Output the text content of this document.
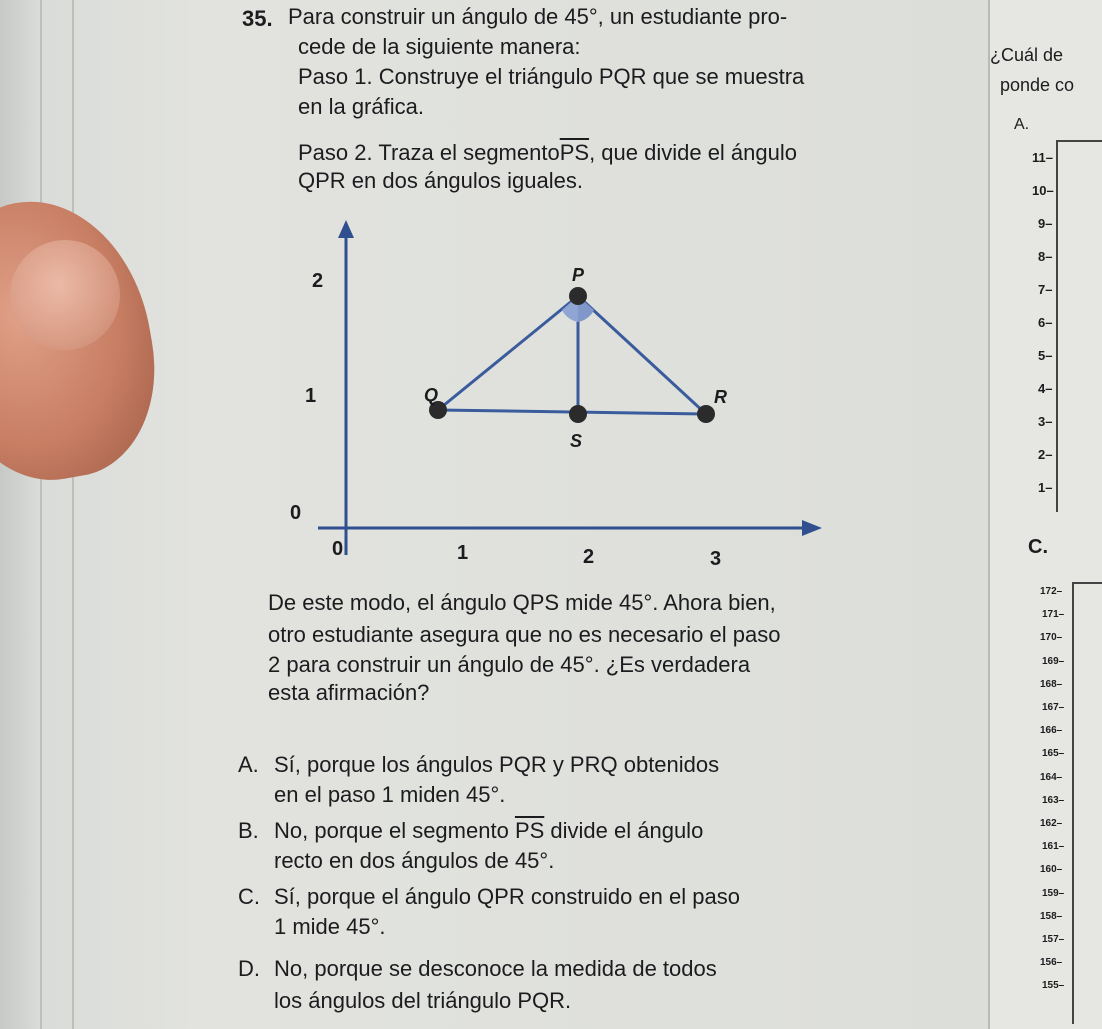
35. Para construir un ángulo de 45°, un estudiante pro-
cede de la siguiente manera:
Paso 1. Construye el triángulo PQR que se muestra
en la gráfica.
Paso 2. Traza el $segmento\overline{PS}$, que divide el ángulo
QPR en dos ángulos iguales.
2
1
0
0	1	2	3
P
Q	R
S
De este modo, el ángulo QPS mide 45°. Ahora bien,
otro estudiante asegura que no es necesario el paso
2 para construir un ángulo de 45°. ¿Es verdadera
esta afirmación?
A. Sí, porque los ángulos PQR y PRQ obtenidos
en el paso 1 miden 45°.
B. No, porque el segmento $\overline{PS}$ divide el ángulo
recto en dos ángulos de 45°.
C. Sí, porque el ángulo QPR construido en el paso
1 mide 45°.
D. No, porque se desconoce la medida de todos
los ángulos del triángulo PQR.
¿Cuál de
ponde co
A.
C.
11–
10–
9–
8–
7–
6–
5–
4–
3–
2–
1–
172–
171–
170–
169–
168–
167–
166–
165–
164–
163–
162–
161–
160–
159–
158–
157–
156–
155–
